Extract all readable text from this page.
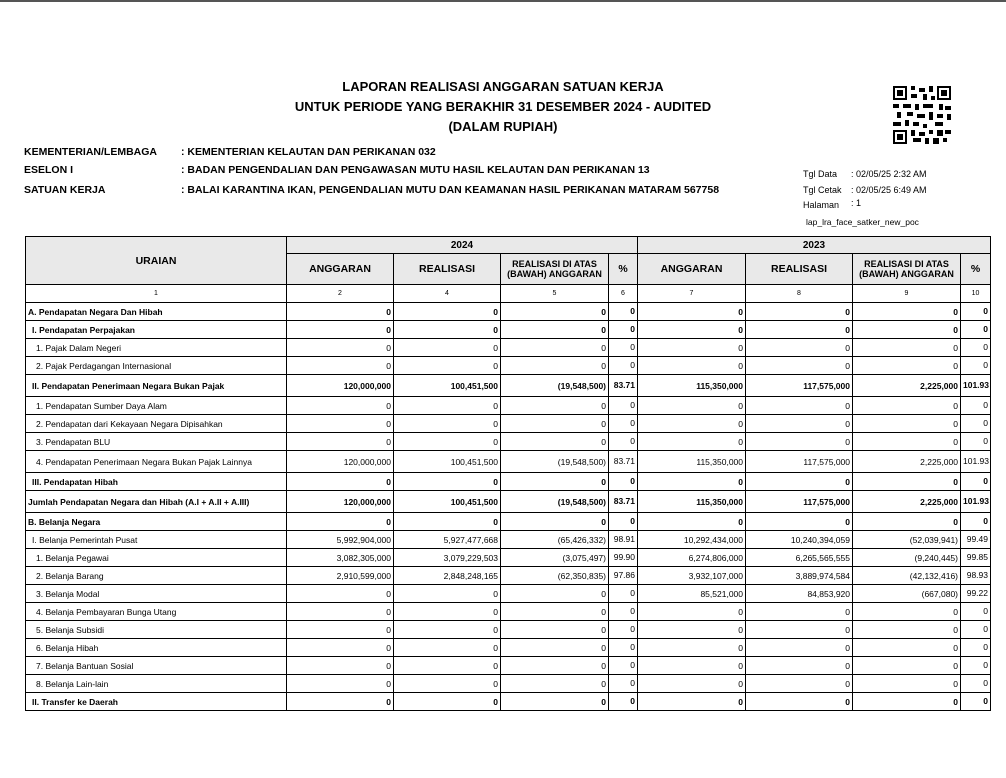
LAPORAN REALISASI ANGGARAN SATUAN KERJA
UNTUK PERIODE YANG BERAKHIR 31 DESEMBER 2024 - AUDITED
(DALAM RUPIAH)
KEMENTERIAN/LEMBAGA : KEMENTERIAN KELAUTAN DAN PERIKANAN 032
ESELON I	: BADAN PENGENDALIAN DAN PENGAWASAN MUTU HASIL KELAUTAN DAN PERIKANAN 13
SATUAN KERJA	: BALAI KARANTINA IKAN, PENGENDALIAN MUTU DAN KEAMANAN HASIL PERIKANAN MATARAM 567758
Tgl Data : 02/05/25 2:32 AM
Tgl Cetak : 02/05/25 6:49 AM
Halaman : 1
lap_lra_face_satker_new_poc
URAIAN	2024				2023			
	ANGGARAN	REALISASI	REALISASI DI ATAS (BAWAH) ANGGARAN	%	ANGGARAN	REALISASI	REALISASI DI ATAS (BAWAH) ANGGARAN	%
1	2	4	5	6	7	8	9	10
A. Pendapatan Negara Dan Hibah	0	0	0	0	0	0	0	0
I. Pendapatan Perpajakan	0	0	0	0	0	0	0	0
1. Pajak Dalam Negeri	0	0	0	0	0	0	0	0
2. Pajak Perdagangan Internasional	0	0	0	0	0	0	0	0
II. Pendapatan Penerimaan Negara Bukan Pajak	120,000,000	100,451,500	(19,548,500)	83.71	115,350,000	117,575,000	2,225,000	101.93
1. Pendapatan Sumber Daya Alam	0	0	0	0	0	0	0	0
2. Pendapatan dari Kekayaan Negara Dipisahkan	0	0	0	0	0	0	0	0
3. Pendapatan BLU	0	0	0	0	0	0	0	0
4. Pendapatan Penerimaan Negara Bukan Pajak Lainnya	120,000,000	100,451,500	(19,548,500)	83.71	115,350,000	117,575,000	2,225,000	101.93
III. Pendapatan Hibah	0	0	0	0	0	0	0	0
Jumlah Pendapatan Negara dan Hibah (A.I + A.II + A.III)	120,000,000	100,451,500	(19,548,500)	83.71	115,350,000	117,575,000	2,225,000	101.93
B. Belanja Negara	0	0	0	0	0	0	0	0
I. Belanja Pemerintah Pusat	5,992,904,000	5,927,477,668	(65,426,332)	98.91	10,292,434,000	10,240,394,059	(52,039,941)	99.49
1. Belanja Pegawai	3,082,305,000	3,079,229,503	(3,075,497)	99.90	6,274,806,000	6,265,565,555	(9,240,445)	99.85
2. Belanja Barang	2,910,599,000	2,848,248,165	(62,350,835)	97.86	3,932,107,000	3,889,974,584	(42,132,416)	98.93
3. Belanja Modal	0	0	0	0	85,521,000	84,853,920	(667,080)	99.22
4. Belanja Pembayaran Bunga Utang	0	0	0	0	0	0	0	0
5. Belanja Subsidi	0	0	0	0	0	0	0	0
6. Belanja Hibah	0	0	0	0	0	0	0	0
7. Belanja Bantuan Sosial	0	0	0	0	0	0	0	0
8. Belanja Lain-lain	0	0	0	0	0	0	0	0
II. Transfer ke Daerah	0	0	0	0	0	0	0	0
